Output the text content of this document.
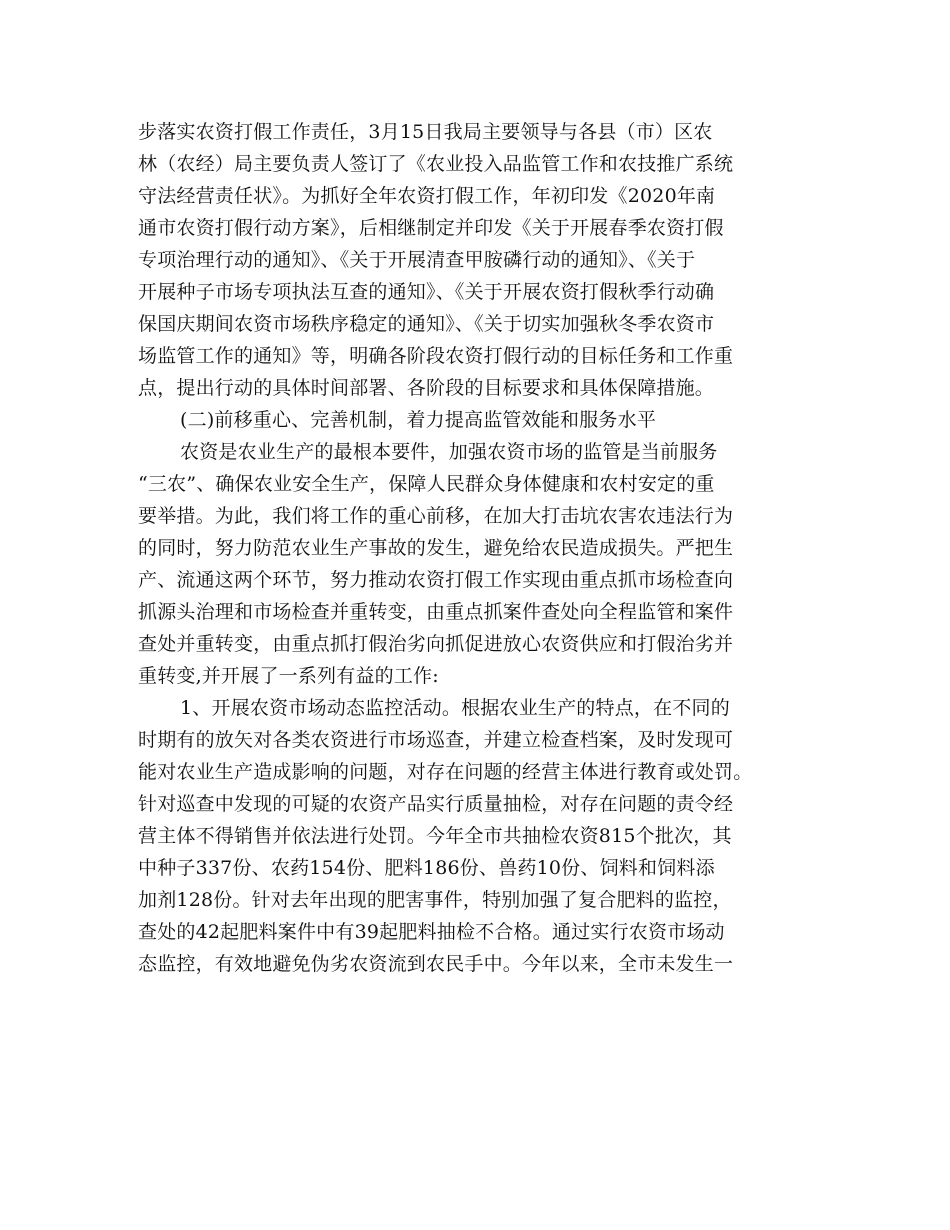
步落实农资打假工作责任，3月15日我局主要领导与各县（市）区农
林（农经）局主要负责人签订了《农业投入品监管工作和农技推广系统
守法经营责任状》。为抓好全年农资打假工作，年初印发《2020年南
通市农资打假行动方案》，后相继制定并印发《关于开展春季农资打假
专项治理行动的通知》、《关于开展清查甲胺磷行动的通知》、《关于
开展种子市场专项执法互查的通知》、《关于开展农资打假秋季行动确
保国庆期间农资市场秩序稳定的通知》、《关于切实加强秋冬季农资市
场监管工作的通知》等，明确各阶段农资打假行动的目标任务和工作重
点，提出行动的具体时间部署、各阶段的目标要求和具体保障措施。
(二)前移重心、完善机制，着力提高监管效能和服务水平
农资是农业生产的最根本要件，加强农资市场的监管是当前服务
“三农”、确保农业安全生产，保障人民群众身体健康和农村安定的重
要举措。为此，我们将工作的重心前移，在加大打击坑农害农违法行为
的同时，努力防范农业生产事故的发生，避免给农民造成损失。严把生
产、流通这两个环节，努力推动农资打假工作实现由重点抓市场检查向
抓源头治理和市场检查并重转变，由重点抓案件查处向全程监管和案件
查处并重转变，由重点抓打假治劣向抓促进放心农资供应和打假治劣并
重转变,并开展了一系列有益的工作:
1、开展农资市场动态监控活动。根据农业生产的特点，在不同的
时期有的放矢对各类农资进行市场巡查，并建立检查档案，及时发现可
能对农业生产造成影响的问题，对存在问题的经营主体进行教育或处罚。
针对巡查中发现的可疑的农资产品实行质量抽检，对存在问题的责令经
营主体不得销售并依法进行处罚。今年全市共抽检农资815个批次，其
中种子337份、农药154份、肥料186份、兽药10份、饲料和饲料添
加剂128份。针对去年出现的肥害事件，特别加强了复合肥料的监控，
查处的42起肥料案件中有39起肥料抽检不合格。通过实行农资市场动
态监控，有效地避免伪劣农资流到农民手中。今年以来，全市未发生一
